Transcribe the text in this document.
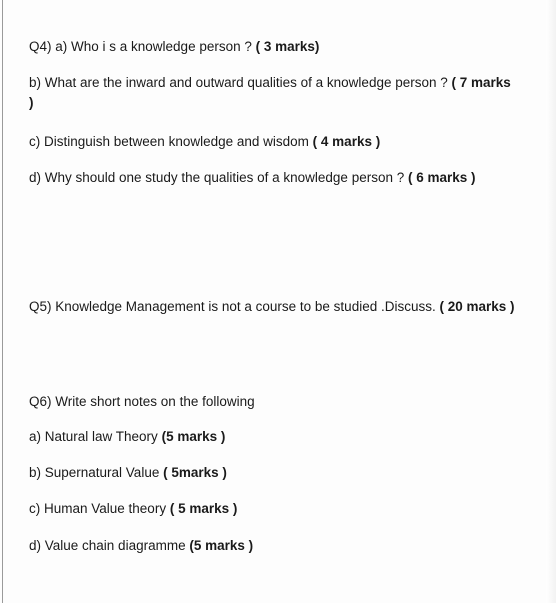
Q4) a) Who i s a knowledge person ? ( 3 marks)
b) What are the inward and outward qualities of a knowledge person ? ( 7 marks )
c) Distinguish between knowledge and wisdom ( 4 marks )
d) Why should one study the qualities of a knowledge person ? ( 6 marks )
Q5) Knowledge Management is not a course to be studied .Discuss. ( 20 marks )
Q6) Write short notes on the following
a) Natural law Theory (5 marks )
b) Supernatural Value ( 5marks )
c) Human Value theory ( 5 marks )
d) Value chain diagramme (5 marks )
